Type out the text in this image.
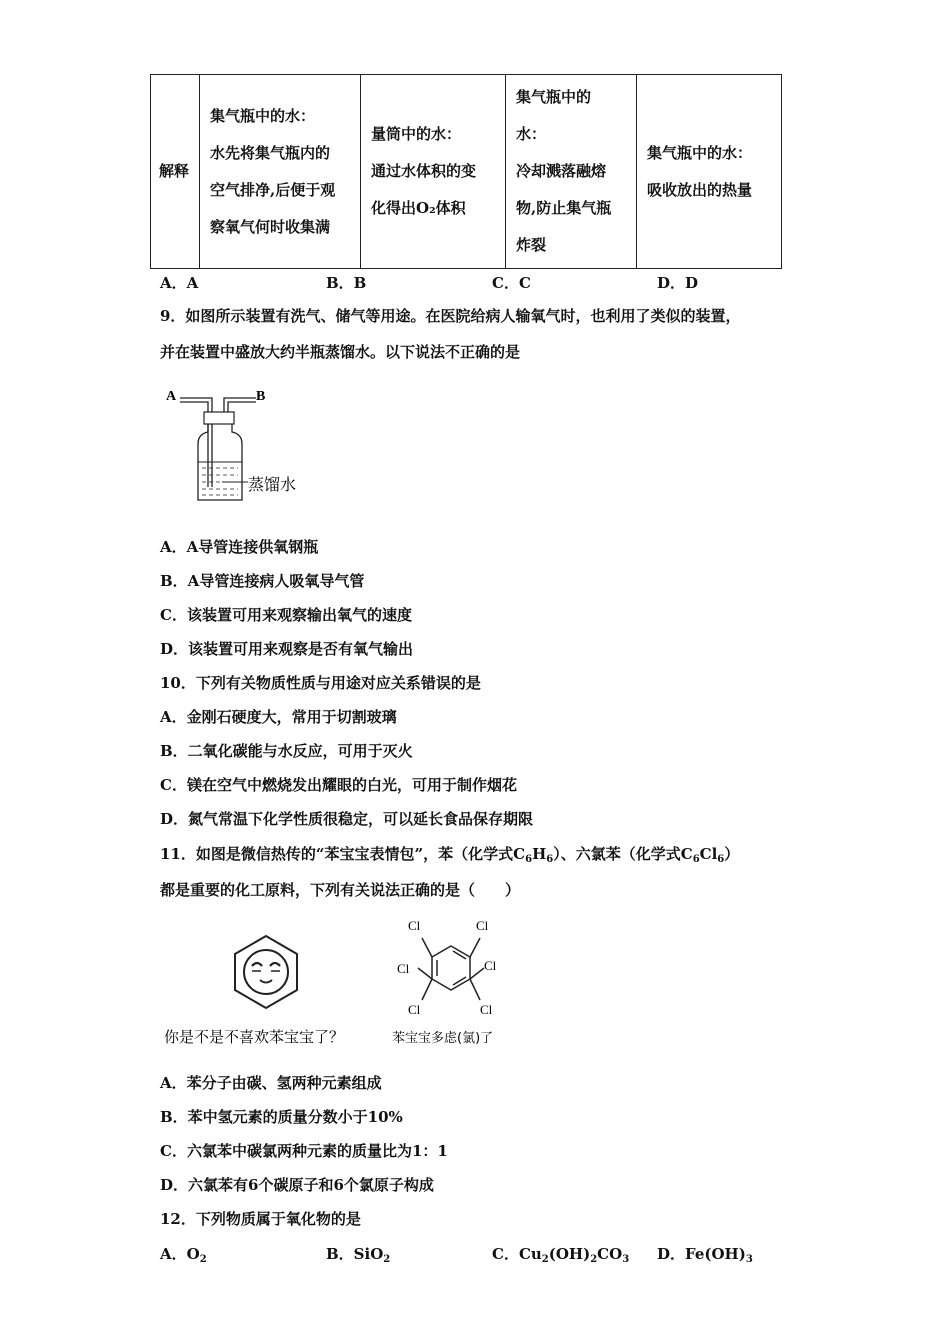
解释	
集气瓶中的水：
水先将集气瓶内的
空气排净,后便于观
察氧气何时收集满

量筒中的水：
通过水体积的变
化得出O₂体积

集气瓶中的
水：
冷却溅落融熔
物,防止集气瓶
炸裂

集气瓶中的水：
吸收放出的热量
A．A	B．B	C．C	D．D
9．如图所示装置有洗气、储气等用途。在医院给病人输氧气时，也利用了类似的装置，
并在装置中盛放大约半瓶蒸馏水。以下说法不正确的是
A	B
蒸馏水
A．A导管连接供氧钢瓶
B．A导管连接病人吸氧导气管
C．该装置可用来观察输出氧气的速度
D．该装置可用来观察是否有氧气输出
10．下列有关物质性质与用途对应关系错误的是
A．金刚石硬度大，常用于切割玻璃
B．二氧化碳能与水反应，可用于灭火
C．镁在空气中燃烧发出耀眼的白光，可用于制作烟花
D．氮气常温下化学性质很稳定，可以延长食品保存期限
11．如图是微信热传的“苯宝宝表情包”，苯（化学式$C_6H_6$）、六氯苯（化学式$C_6Cl_6$）
都是重要的化工原料，下列有关说法正确的是（　　）
你是不是不喜欢苯宝宝了？
Cl	Cl
Cl	Cl
Cl	Cl
苯宝宝多虑(氯)了
A．苯分子由碳、氢两种元素组成
B．苯中氢元素的质量分数小于10%
C．六氯苯中碳氯两种元素的质量比为1：1
D．六氯苯有6个碳原子和6个氯原子构成
12．下列物质属于氧化物的是
A．$O_2$	B．SiO$_2$	C．$Cu_2(OH)_2CO_3$ D．$Fe(OH)_3$
